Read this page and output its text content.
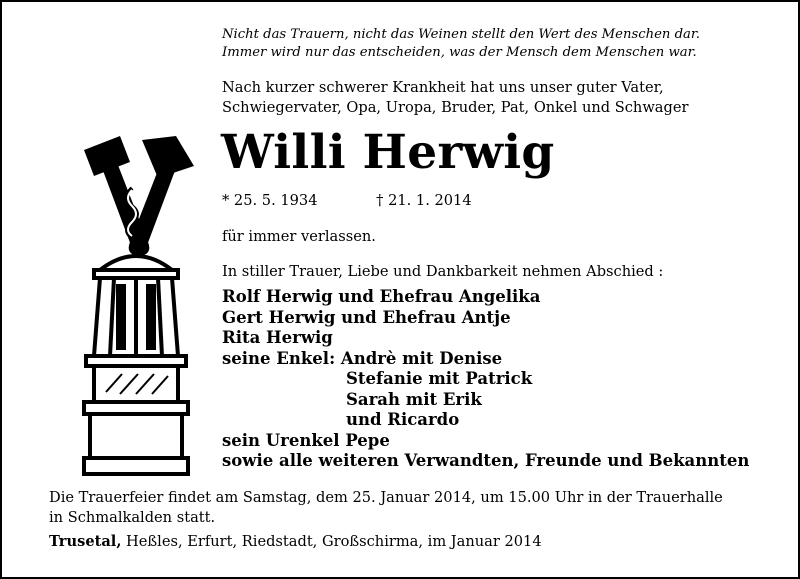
Nicht das Trauern, nicht das Weinen stellt den Wert des Menschen dar.
Immer wird nur das entscheiden, was der Mensch dem Menschen war.
Nach kurzer schwerer Krankheit hat uns unser guter Vater,
Schwiegervater, Opa, Uropa, Bruder, Pat, Onkel und Schwager
Willi Herwig
* 25. 5. 1934	† 21. 1. 2014
für immer verlassen.
In stiller Trauer, Liebe und Dankbarkeit nehmen Abschied :
Rolf Herwig und Ehefrau Angelika
Gert Herwig und Ehefrau Antje
Rita Herwig
seine Enkel: Andrè mit Denise
Stefanie mit Patrick
Sarah mit Erik
und Ricardo
sein Urenkel Pepe
sowie alle weiteren Verwandten, Freunde und Bekannten
Die Trauerfeier findet am Samstag, dem 25. Januar 2014, um 15.00 Uhr in der Trauerhalle
in Schmalkalden statt.
Trusetal, Heßles, Erfurt, Riedstadt, Großschirma, im Januar 2014
